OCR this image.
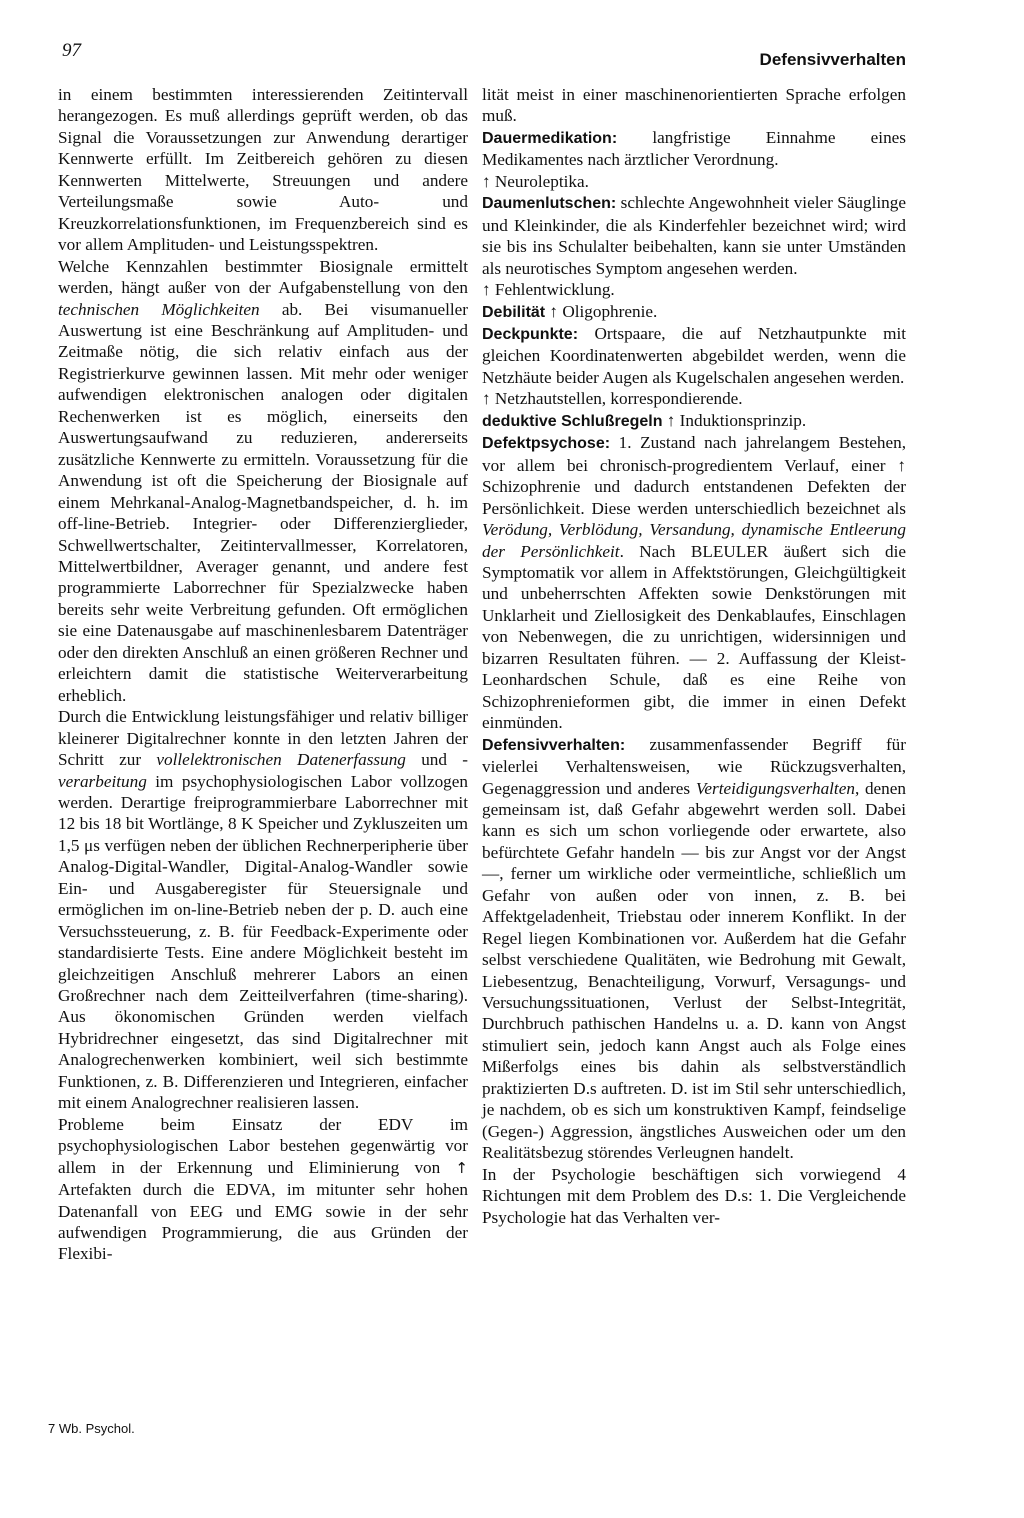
97	Defensivverhalten

in einem bestimmten interessierenden Zeitintervall herangezogen. Es muß allerdings geprüft werden, ob das Signal die Voraussetzungen zur Anwendung derartiger Kennwerte erfüllt. Im Zeitbereich gehören zu diesen Kennwerten Mittelwerte, Streuungen und andere Verteilungsmaße sowie Auto- und Kreuzkorrelationsfunktionen, im Frequenzbereich sind es vor allem Amplituden- und Leistungsspektren.

Welche Kennzahlen bestimmter Biosignale ermittelt werden, hängt außer von der Aufgabenstellung von den technischen Möglichkeiten ab. Bei visumanueller Auswertung ist eine Beschränkung auf Amplituden- und Zeitmaße nötig, die sich relativ einfach aus der Registrierkurve gewinnen lassen. Mit mehr oder weniger aufwendigen elektronischen analogen oder digitalen Rechenwerken ist es möglich, einerseits den Auswertungsaufwand zu reduzieren, andererseits zusätzliche Kennwerte zu ermitteln. Voraussetzung für die Anwendung ist oft die Speicherung der Biosignale auf einem Mehrkanal-Analog-Magnetbandspeicher, d. h. im off-line-Betrieb. Integrier- oder Differenzierglieder, Schwellwertschalter, Zeitintervallmesser, Korrelatoren, Mittelwertbildner, Averager genannt, und andere fest programmierte Laborrechner für Spezialzwecke haben bereits sehr weite Verbreitung gefunden. Oft ermöglichen sie eine Datenausgabe auf maschinenlesbarem Datenträger oder den direkten Anschluß an einen größeren Rechner und erleichtern damit die statistische Weiterverarbeitung erheblich.

Durch die Entwicklung leistungsfähiger und relativ billiger kleinerer Digitalrechner konnte in den letzten Jahren der Schritt zur vollelektronischen Datenerfassung und -verarbeitung im psychophysiologischen Labor vollzogen werden. Derartige freiprogrammierbare Laborrechner mit 12 bis 18 bit Wortlänge, 8 K Speicher und Zykluszeiten um 1,5 μs verfügen neben der üblichen Rechnerperipherie über Analog-Digital-Wandler, Digital-Analog-Wandler sowie Ein- und Ausgaberegister für Steuersignale und ermöglichen im on-line-Betrieb neben der p. D. auch eine Versuchssteuerung, z. B. für Feedback-Experimente oder standardisierte Tests. Eine andere Möglichkeit besteht im gleichzeitigen Anschluß mehrerer Labors an einen Großrechner nach dem Zeitteilverfahren (time-sharing). Aus ökonomischen Gründen werden vielfach Hybridrechner eingesetzt, das sind Digitalrechner mit Analogrechenwerken kombiniert, weil sich bestimmte Funktionen, z. B. Differenzieren und Integrieren, einfacher mit einem Analogrechner realisieren lassen.

Probleme beim Einsatz der EDV im psychophysiologischen Labor bestehen gegenwärtig vor allem in der Erkennung und Eliminierung von ↑ Artefakten durch die EDVA, im mitunter sehr hohen Datenanfall von EEG und EMG sowie in der sehr aufwendigen Programmierung, die aus Gründen der Flexibi-

lität meist in einer maschinenorientierten Sprache erfolgen muß.

Dauermedikation: langfristige Einnahme eines Medikamentes nach ärztlicher Verordnung.

↑ Neuroleptika.

Daumenlutschen: schlechte Angewohnheit vieler Säuglinge und Kleinkinder, die als Kinderfehler bezeichnet wird; wird sie bis ins Schulalter beibehalten, kann sie unter Umständen als neurotisches Symptom angesehen werden.

↑ Fehlentwicklung.

Debilität ↑ Oligophrenie.

Deckpunkte: Ortspaare, die auf Netzhautpunkte mit gleichen Koordinatenwerten abgebildet werden, wenn die Netzhäute beider Augen als Kugelschalen angesehen werden.

↑ Netzhautstellen, korrespondierende.

deduktive Schlußregeln ↑ Induktionsprinzip.

Defektpsychose: 1. Zustand nach jahrelangem Bestehen, vor allem bei chronisch-progredientem Verlauf, einer ↑ Schizophrenie und dadurch entstandenen Defekten der Persönlichkeit. Diese werden unterschiedlich bezeichnet als Verödung, Verblödung, Versandung, dynamische Entleerung der Persönlichkeit. Nach BLEULER äußert sich die Symptomatik vor allem in Affektstörungen, Gleichgültigkeit und unbeherrschten Affekten sowie Denkstörungen mit Unklarheit und Ziellosigkeit des Denkablaufes, Einschlagen von Nebenwegen, die zu unrichtigen, widersinnigen und bizarren Resultaten führen. — 2. Auffassung der Kleist-Leonhardschen Schule, daß es eine Reihe von Schizophrenieformen gibt, die immer in einen Defekt einmünden.

Defensivverhalten: zusammenfassender Begriff für vielerlei Verhaltensweisen, wie Rückzugsverhalten, Gegenaggression und anderes Verteidigungsverhalten, denen gemeinsam ist, daß Gefahr abgewehrt werden soll. Dabei kann es sich um schon vorliegende oder erwartete, also befürchtete Gefahr handeln — bis zur Angst vor der Angst —, ferner um wirkliche oder vermeintliche, schließlich um Gefahr von außen oder von innen, z. B. bei Affektgeladenheit, Triebstau oder innerem Konflikt. In der Regel liegen Kombinationen vor. Außerdem hat die Gefahr selbst verschiedene Qualitäten, wie Bedrohung mit Gewalt, Liebesentzug, Benachteiligung, Vorwurf, Versagungs- und Versuchungssituationen, Verlust der Selbst-Integrität, Durchbruch pathischen Handelns u. a. D. kann von Angst stimuliert sein, jedoch kann Angst auch als Folge eines Mißerfolgs eines bis dahin als selbstverständlich praktizierten D.s auftreten. D. ist im Stil sehr unterschiedlich, je nachdem, ob es sich um konstruktiven Kampf, feindselige (Gegen-) Aggression, ängstliches Ausweichen oder um den Realitätsbezug störendes Verleugnen handelt.

In der Psychologie beschäftigen sich vorwiegend 4 Richtungen mit dem Problem des D.s: 1. Die Vergleichende Psychologie hat das Verhalten ver-

7 Wb. Psychol.
